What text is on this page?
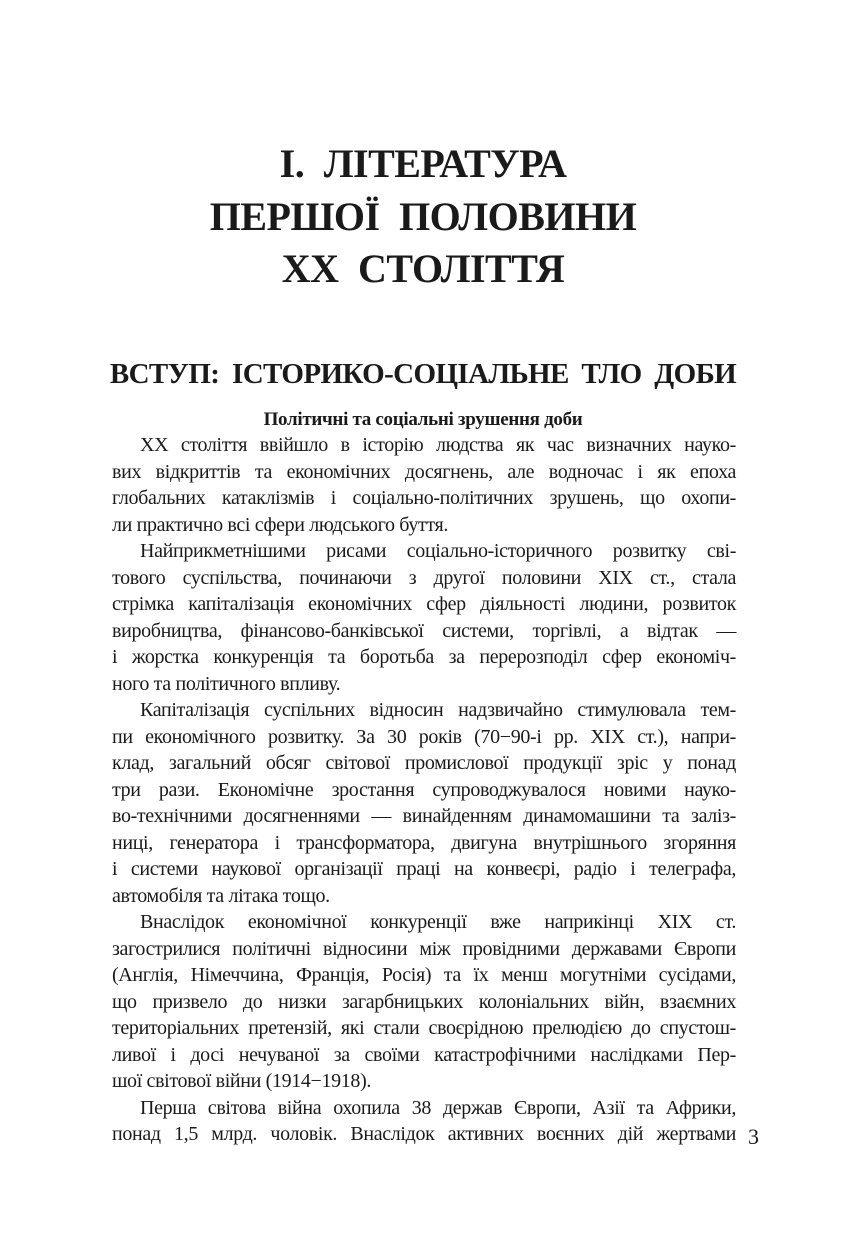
I. ЛІТЕРАТУРА
ПЕРШОЇ ПОЛОВИНИ
XX СТОЛІТТЯ
ВСТУП: ІСТОРИКО-СОЦІАЛЬНЕ ТЛО ДОБИ
Політичні та соціальні зрушення доби
XX століття ввійшло в історію людства як час визначних науко-
вих відкриттів та економічних досягнень, але водночас і як епоха
глобальних катаклізмів і соціально-політичних зрушень, що охопи-
ли практично всі сфери людського буття.
Найприкметнішими рисами соціально-історичного розвитку сві-
тового суспільства, починаючи з другої половини XIX ст., стала
стрімка капіталізація економічних сфер діяльності людини, розвиток
виробництва, фінансово-банківської системи, торгівлі, а відтак —
і жорстка конкуренція та боротьба за перерозподіл сфер економіч-
ного та політичного впливу.
Капіталізація суспільних відносин надзвичайно стимулювала тем-
пи економічного розвитку. За 30 років (70−90-і рр. XIX ст.), напри-
клад, загальний обсяг світової промислової продукції зріс у понад
три рази. Економічне зростання супроводжувалося новими науко-
во-технічними досягненнями — винайденням динамомашини та заліз-
ниці, генератора і трансформатора, двигуна внутрішнього згоряння
і системи наукової організації праці на конвеєрі, радіо і телеграфа,
автомобіля та літака тощо.
Внаслідок економічної конкуренції вже наприкінці XIX ст.
загострилися політичні відносини між провідними державами Європи
(Англія, Німеччина, Франція, Росія) та їх менш могутніми сусідами,
що призвело до низки загарбницьких колоніальних війн, взаємних
територіальних претензій, які стали своєрідною прелюдією до спустош-
ливої і досі нечуваної за своїми катастрофічними наслідками Пер-
шої світової війни (1914−1918).
Перша світова війна охопила 38 держав Європи, Азії та Африки,
понад 1,5 млрд. чоловік. Внаслідок активних воєнних дій жертвами 3
